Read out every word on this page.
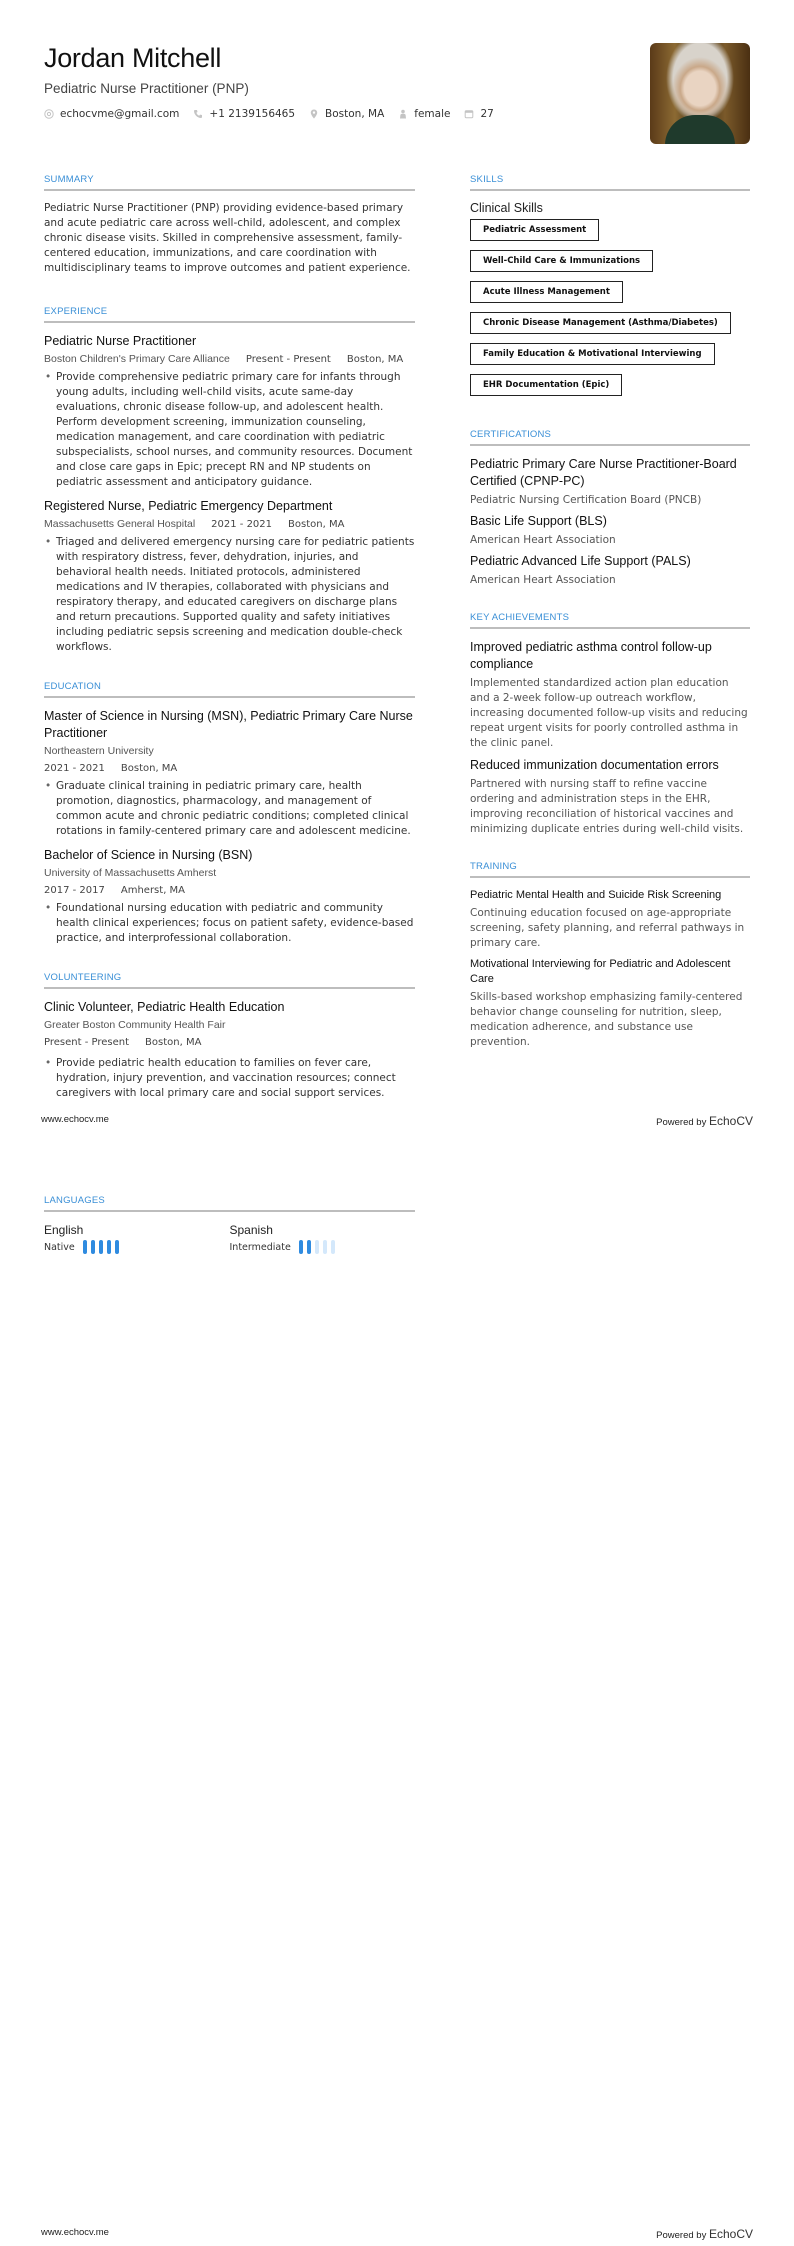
Jordan Mitchell
Pediatric Nurse Practitioner (PNP)
echocvme@gmail.com	+1 2139156465	Boston, MA	female	27
SUMMARY

Pediatric Nurse Practitioner (PNP) providing evidence-based primary and acute pediatric care across well-child, adolescent, and complex chronic disease visits. Skilled in comprehensive assessment, family-centered education, immunizations, and care coordination with multidisciplinary teams to improve outcomes and patient experience.

EXPERIENCE
Pediatric Nurse Practitioner
Boston Children's Primary Care Alliance Present - Present Boston, MA
• Provide comprehensive pediatric primary care for infants through young adults, including well-child visits, acute same-day evaluations, chronic disease follow-up, and adolescent health. Perform development screening, immunization counseling, medication management, and care coordination with pediatric subspecialists, school nurses, and community resources. Document and close care gaps in Epic; precept RN and NP students on pediatric assessment and anticipatory guidance.
Registered Nurse, Pediatric Emergency Department
Massachusetts General Hospital 2021 - 2021 Boston, MA
• Triaged and delivered emergency nursing care for pediatric patients with respiratory distress, fever, dehydration, injuries, and behavioral health needs. Initiated protocols, administered medications and IV therapies, collaborated with physicians and respiratory therapy, and educated caregivers on discharge plans and return precautions. Supported quality and safety initiatives including pediatric sepsis screening and medication double-check workflows.
EDUCATION
Master of Science in Nursing (MSN), Pediatric Primary Care Nurse Practitioner
Northeastern University
2021 - 2021 Boston, MA
• Graduate clinical training in pediatric primary care, health promotion, diagnostics, pharmacology, and management of common acute and chronic pediatric conditions; completed clinical rotations in family-centered primary care and adolescent medicine.
Bachelor of Science in Nursing (BSN)
University of Massachusetts Amherst
2017 - 2017 Amherst, MA
• Foundational nursing education with pediatric and community health clinical experiences; focus on patient safety, evidence-based practice, and interprofessional collaboration.
VOLUNTEERING
Clinic Volunteer, Pediatric Health Education
Greater Boston Community Health Fair
Present - Present Boston, MA
• Provide pediatric health education to families on fever care, hydration, injury prevention, and vaccination resources; connect caregivers with local primary care and social support services.
SKILLS
Clinical Skills
Pediatric Assessment
Well-Child Care & Immunizations
Acute Illness Management
Chronic Disease Management (Asthma/Diabetes)
Family Education & Motivational Interviewing
EHR Documentation (Epic)
CERTIFICATIONS
Pediatric Primary Care Nurse Practitioner-Board Certified (CPNP-PC)
Pediatric Nursing Certification Board (PNCB)
Basic Life Support (BLS)
American Heart Association
Pediatric Advanced Life Support (PALS)
American Heart Association
KEY ACHIEVEMENTS
Improved pediatric asthma control follow-up compliance
Implemented standardized action plan education and a 2-week follow-up outreach workflow, increasing documented follow-up visits and reducing repeat urgent visits for poorly controlled asthma in the clinic panel.
Reduced immunization documentation errors
Partnered with nursing staff to refine vaccine ordering and administration steps in the EHR, improving reconciliation of historical vaccines and minimizing duplicate entries during well-child visits.
TRAINING
Pediatric Mental Health and Suicide Risk Screening
Continuing education focused on age-appropriate screening, safety planning, and referral pathways in primary care.
Motivational Interviewing for Pediatric and Adolescent Care
Skills-based workshop emphasizing family-centered behavior change counseling for nutrition, sleep, medication adherence, and substance use prevention.
www.echocv.me	Powered by EchoCV
LANGUAGES
English
Native
Spanish
Intermediate
www.echocv.me	Powered by EchoCV
